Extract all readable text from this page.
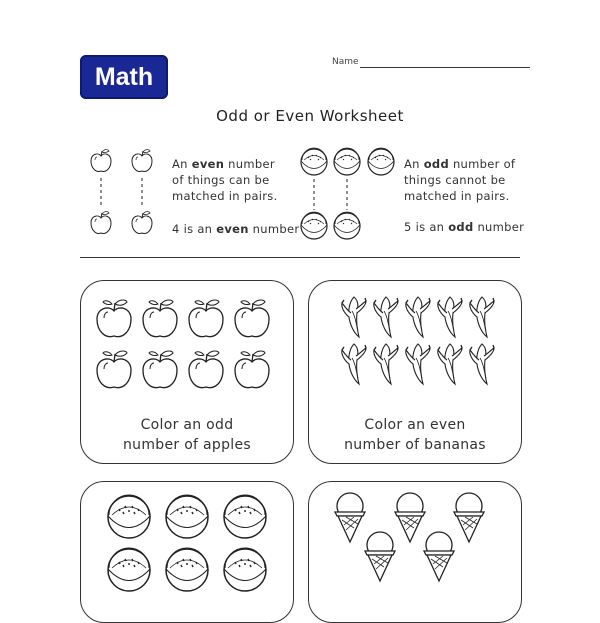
Math
Name
Odd or Even Worksheet
An even number
of things can be
matched in pairs.
4 is an even number
An odd number of
things cannot be
matched in pairs.
5 is an odd number
Color an odd
number of apples
Color an even
number of bananas
